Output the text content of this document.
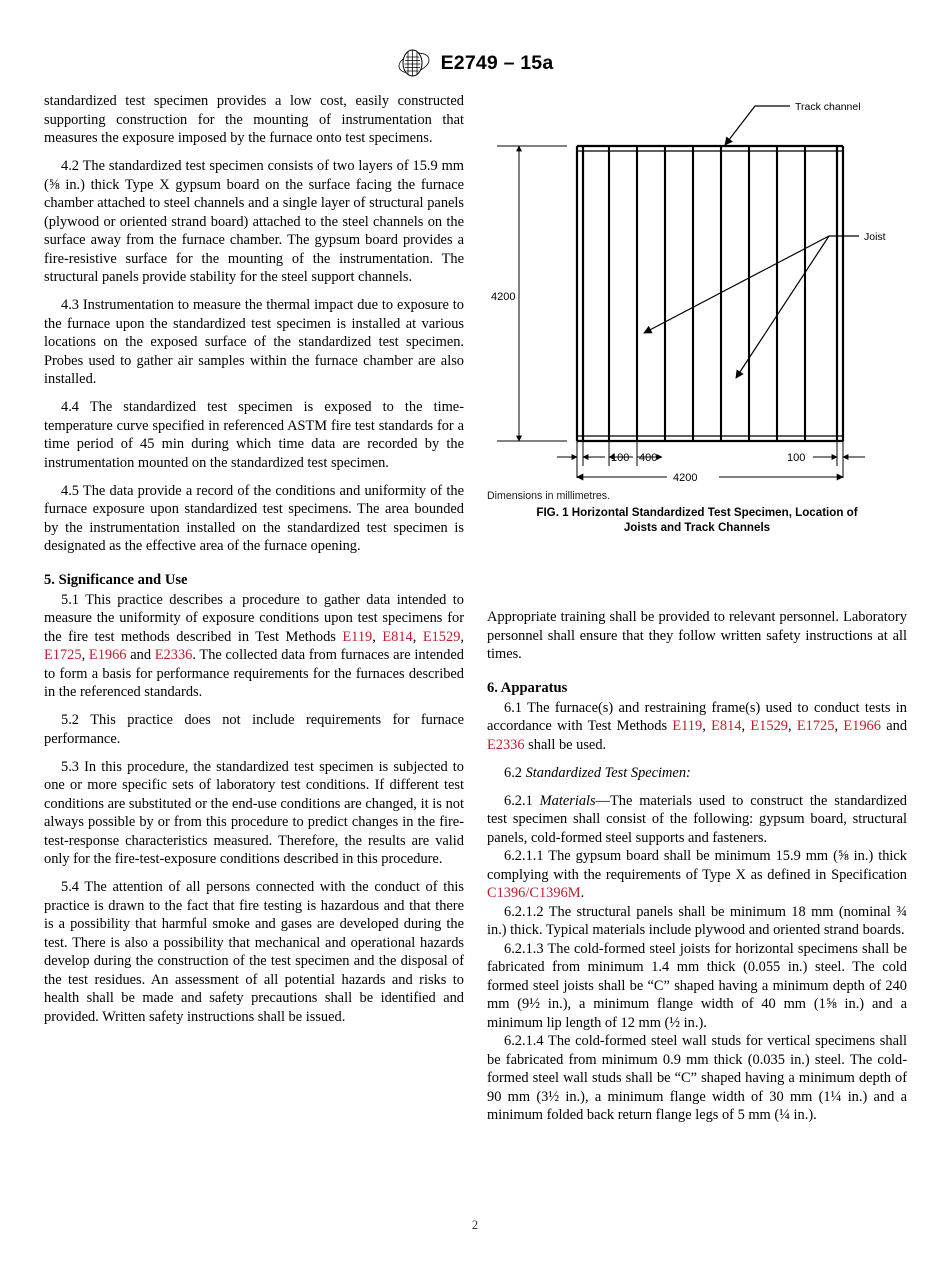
E2749 – 15a
Track channel
Joist
4200
100 400	100
4200
Dimensions in millimetres.
FIG. 1 Horizontal Standardized Test Specimen, Location of
Joists and Track Channels

standardized test specimen provides a low cost, easily constructed supporting construction for the mounting of instrumentation that measures the exposure imposed by the furnace onto test specimens.

4.2 The standardized test specimen consists of two layers of 15.9 mm (⅝ in.) thick Type X gypsum board on the surface facing the furnace chamber attached to steel channels and a single layer of structural panels (plywood or oriented strand board) attached to the steel channels on the surface away from the furnace chamber. The gypsum board provides a fire-resistive surface for the mounting of the instrumentation. The structural panels provide stability for the steel support channels.

4.3 Instrumentation to measure the thermal impact due to exposure to the furnace upon the standardized test specimen is installed at various locations on the exposed surface of the standardized test specimen. Probes used to gather air samples within the furnace chamber are also installed.

4.4 The standardized test specimen is exposed to the time-temperature curve specified in referenced ASTM fire test standards for a time period of 45 min during which time data are recorded by the instrumentation mounted on the standardized test specimen.

4.5 The data provide a record of the conditions and uniformity of the furnace exposure upon standardized test specimens. The area bounded by the instrumentation installed on the standardized test specimen is designated as the effective area of the furnace opening.

5. Significance and Use

5.1 This practice describes a procedure to gather data intended to measure the uniformity of exposure conditions upon test specimens for the fire test methods described in Test Methods E119, E814, E1529, E1725, E1966 and E2336. The collected data from furnaces are intended to form a basis for performance requirements for the furnaces described in the referenced standards.

5.2 This practice does not include requirements for furnace performance.

5.3 In this procedure, the standardized test specimen is subjected to one or more specific sets of laboratory test conditions. If different test conditions are substituted or the end-use conditions are changed, it is not always possible by or from this procedure to predict changes in the fire-test-response characteristics measured. Therefore, the results are valid only for the fire-test-exposure conditions described in this procedure.

5.4 The attention of all persons connected with the conduct of this practice is drawn to the fact that fire testing is hazardous and that there is a possibility that harmful smoke and gases are developed during the test. There is also a possibility that mechanical and operational hazards develop during the construction of the test specimen and the disposal of the test residues. An assessment of all potential hazards and risks to health shall be made and safety precautions shall be identified and provided. Written safety instructions shall be issued.

Appropriate training shall be provided to relevant personnel. Laboratory personnel shall ensure that they follow written safety instructions at all times.

6. Apparatus

6.1 The furnace(s) and restraining frame(s) used to conduct tests in accordance with Test Methods E119, E814, E1529, E1725, E1966 and E2336 shall be used.

6.2 Standardized Test Specimen:

6.2.1 Materials—The materials used to construct the standardized test specimen shall consist of the following: gypsum board, structural panels, cold-formed steel supports and fasteners.

6.2.1.1 The gypsum board shall be minimum 15.9 mm (⅝ in.) thick complying with the requirements of Type X as defined in Specification C1396/C1396M.

6.2.1.2 The structural panels shall be minimum 18 mm (nominal ¾ in.) thick. Typical materials include plywood and oriented strand boards.

6.2.1.3 The cold-formed steel joists for horizontal specimens shall be fabricated from minimum 1.4 mm thick (0.055 in.) steel. The cold formed steel joists shall be “C” shaped having a minimum depth of 240 mm (9½ in.), a minimum flange width of 40 mm (1⅝ in.) and a minimum lip length of 12 mm (½ in.).

6.2.1.4 The cold-formed steel wall studs for vertical specimens shall be fabricated from minimum 0.9 mm thick (0.035 in.) steel. The cold-formed steel wall studs shall be “C” shaped having a minimum depth of 90 mm (3½ in.), a minimum flange width of 30 mm (1¼ in.) and a minimum folded back return flange legs of 5 mm (¼ in.).

2
